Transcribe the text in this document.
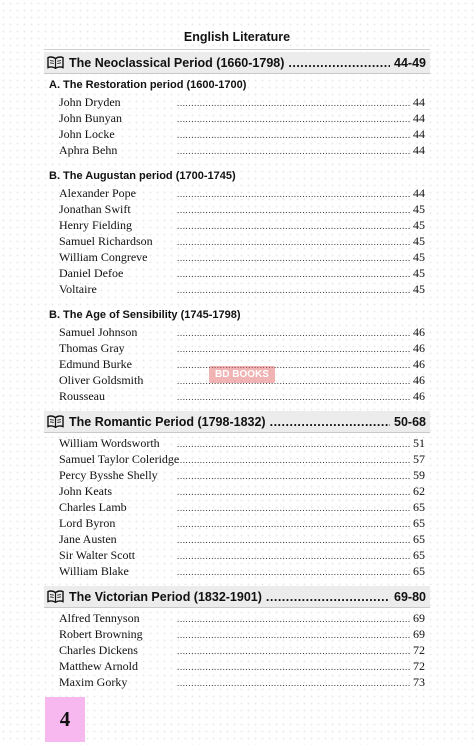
English Literature
The Neoclassical Period (1660-1798) .....	44-49
A. The Restoration period (1600-1700)
John Dryden .....	44
John Bunyan .....	44
John Locke .....	44
Aphra Behn .....	44
B. The Augustan period (1700-1745)
Alexander Pope .....	44
Jonathan Swift .....	45
Henry Fielding .....	45
Samuel Richardson .....	45
William Congreve .....	45
Daniel Defoe .....	45
Voltaire .....	45
B. The Age of Sensibility (1745-1798)
Samuel Johnson .....	46
Thomas Gray .....	46
Edmund Burke .....	46
Oliver Goldsmith .....	46
Rousseau .....	46
The Romantic Period (1798-1832) .....	50-68
William Wordsworth .....	51
Samuel Taylor Coleridge .....	57
Percy Bysshe Shelly .....	59
John Keats .....	62
Charles Lamb .....	65
Lord Byron .....	65
Jane Austen .....	65
Sir Walter Scott .....	65
William Blake .....	65
The Victorian Period (1832-1901) .....	69-80
Alfred Tennyson .....	69
Robert Browning .....	69
Charles Dickens .....	72
Matthew Arnold .....	72
Maxim Gorky .....	73
BD BOOKS
4
